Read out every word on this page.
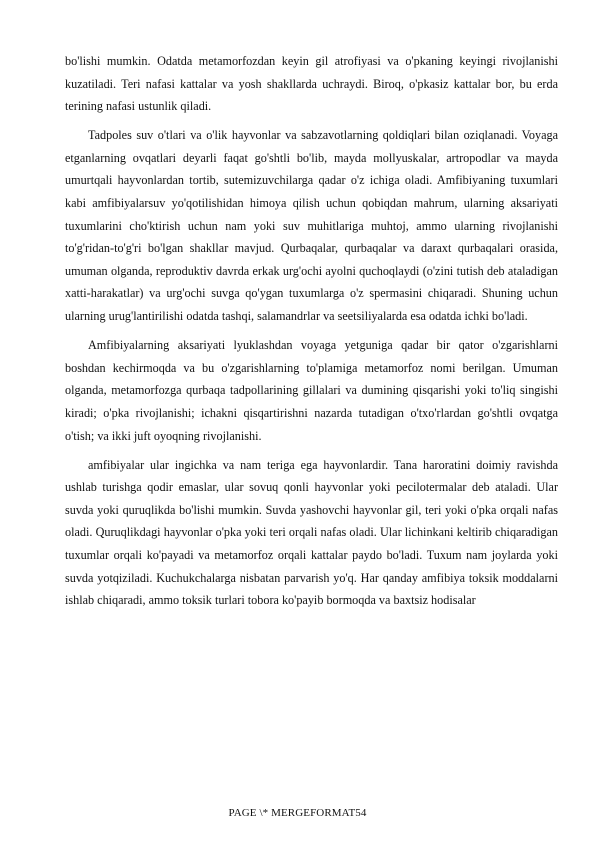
bo'lishi mumkin. Odatda metamorfozdan keyin gil atrofiyasi va o'pkaning keyingi rivojlanishi kuzatiladi. Teri nafasi kattalar va yosh shakllarda uchraydi. Biroq, o'pkasiz kattalar bor, bu erda terining nafasi ustunlik qiladi.

Tadpoles suv o'tlari va o'lik hayvonlar va sabzavotlarning qoldiqlari bilan oziqlanadi. Voyaga etganlarning ovqatlari deyarli faqat go'shtli bo'lib, mayda mollyuskalar, artropodlar va mayda umurtqali hayvonlardan tortib, sutemizuvchilarga qadar o'z ichiga oladi. Amfibiyaning tuxumlari kabi amfibiyalarsuv yo'qotilishidan himoya qilish uchun qobiqdan mahrum, ularning aksariyati tuxumlarini cho'ktirish uchun nam yoki suv muhitlariga muhtoj, ammo ularning rivojlanishi to'g'ridan-to'g'ri bo'lgan shakllar mavjud. Qurbaqalar, qurbaqalar va daraxt qurbaqalari orasida, umuman olganda, reproduktiv davrda erkak urg'ochi ayolni quchoqlaydi (o'zini tutish deb ataladigan xatti-harakatlar) va urg'ochi suvga qo'ygan tuxumlarga o'z spermasini chiqaradi. Shuning uchun ularning urug'lantirilishi odatda tashqi, salamandrlar va seetsiliyalarda esa odatda ichki bo'ladi.

Amfibiyalarning aksariyati lyuklashdan voyaga yetguniga qadar bir qator o'zgarishlarni boshdan kechirmoqda va bu o'zgarishlarning to'plamiga metamorfoz nomi berilgan. Umuman olganda, metamorfozga qurbaqa tadpollarining gillalari va dumining qisqarishi yoki to'liq singishi kiradi; o'pka rivojlanishi; ichakni qisqartirishni nazarda tutadigan o'txo'rlardan go'shtli ovqatga o'tish; va ikki juft oyoqning rivojlanishi.

amfibiyalar ular ingichka va nam teriga ega hayvonlardir. Tana haroratini doimiy ravishda ushlab turishga qodir emaslar, ular sovuq qonli hayvonlar yoki pecilotermalar deb ataladi. Ular suvda yoki quruqlikda bo'lishi mumkin. Suvda yashovchi hayvonlar gil, teri yoki o'pka orqali nafas oladi. Quruqlikdagi hayvonlar o'pka yoki teri orqali nafas oladi. Ular lichinkani keltirib chiqaradigan tuxumlar orqali ko'payadi va metamorfoz orqali kattalar paydo bo'ladi. Tuxum nam joylarda yoki suvda yotqiziladi. Kuchukchalarga nisbatan parvarish yo'q. Har qanday amfibiya toksik moddalarni ishlab chiqaradi, ammo toksik turlari tobora ko'payib bormoqda va baxtsiz hodisalar

PAGE \* MERGEFORMAT54
